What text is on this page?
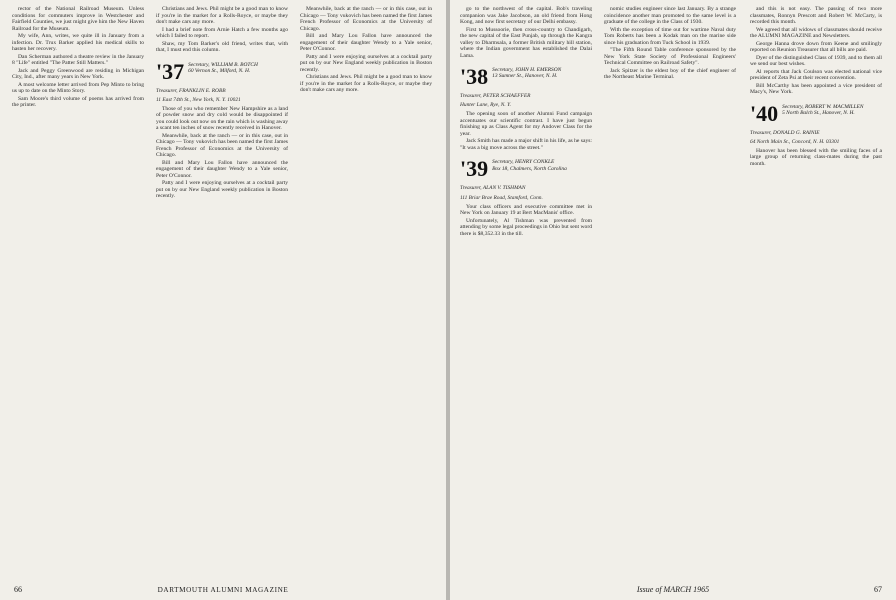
rector of the National Railroad Museum. Unless conditions for commuters improve in Westchester and Fairfield Counties, we just might give him the New Haven Railroad for the Museum.

My wife, Ann, writes, we quite ill in January from a infection. Dr. Trux Barker applied his medical skills to hasten her recovery.

Dan Scherman authored a theatre review in the January 8 "Life" entitled "The Patter Still Matters."

Jack and Peggy Greenwood are residing in Michigan City, Ind., after many years in New York.

A most welcome letter arrived from Pep Minto to bring us up to date on the Minto Story.

Sam Moore's third volume of poems has arrived from the printer.

Christians and Jews. Phil might be a good man to know if you're in the market for a Rolls-Royce, or maybe they don't make cars any more.

I had a brief note from Arnie Hatch a few months ago which I failed to report.

Shaw, my Tom Barker's old friend, writes that, with that, I must end this column.

'37 Secretary, WILLIAM B. BOTCH
60 Vernon St., Milford, N. H.
Treasurer, FRANKLIN E. ROBB
11 East 74th St., New York, N. Y. 10021

Those of you who remember New Hampshire as a land of powder snow and dry cold would be disappointed if you could look out now on the rain which is washing away a scant ten inches of snow recently received in Hanover.

Meanwhile, back at the ranch — or in this case, out in Chicago — Tony vukovich has been named the first James French Professor of Economics at the University of Chicago.

Bill and Mary Lou Fallon have announced the engagement of their daughter Wendy to a Yale senior, Peter O'Connor.

Patty and I were enjoying ourselves at a cocktail party put on by our New England weekly publication in Boston recently.

Meanwhile, back at the ranch — or in this case, out in Chicago — Tony vukovich has been named the first James French Professor of Economics at the University of Chicago.

Bill and Mary Lou Fallon have announced the engagement of their daughter Wendy to a Yale senior, Peter O'Connor.

Patty and I were enjoying ourselves at a cocktail party put on by our New England weekly publication in Boston recently.

Christians and Jews. Phil might be a good man to know if you're in the market for a Rolls-Royce, or maybe they don't make cars any more.

66	DARTMOUTH ALUMNI MAGAZINE

go to the northwest of the capital. Bob's traveling companion was Jake Jacobson, an old friend from Hong Kong, and now first secretary of our Delhi embassy.

First to Mussoorie, then cross-country to Chandigarh, the new capital of the East Punjab, up through the Kangra valley to Dharmsala, a former British military hill station, where the Indian government has established the Dalai Lama.

'38 Secretary, JOHN H. EMERSON
13 Sumner St., Hanover, N. H.
Treasurer, PETER SCHAEFFER
Hunter Lane, Rye, N. Y.

The opening soon of another Alumni Fund campaign accentuates our scientific contrast. I have just begun finishing up as Class Agent for my Andover Class for the year.

Jack Smith has made a major shift in his life, as he says: "It was a big move across the street."

'39 Secretary, HENRY CONKLE
Box 18, Chalmers, North Carolina
Treasurer, ALAN V. TISHMAN
111 Briar Brae Road, Stamford, Conn.

Your class officers and executive committee met in New York on January 19 at Bert MacManis' office.

Unfortunately, Al Tishman was prevented from attending by some legal proceedings in Ohio but sent word there is $8,352.33 in the till.

nomic studies engineer since last January. By a strange coincidence another man promoted to the same level is a graduate of the college in the Class of 1930.

With the exception of time out for wartime Naval duty Tom Roberts has been a Kodak man on the marine side since his graduation from Tuck School in 1939.

"The Fifth Round Table conference sponsored by the New York State Society of Professional Engineers' Technical Committee on Railroad Safety".

Jack Spitzer is the eldest boy of the chief engineer of the Northeast Marine Terminal.

and this is not easy. The passing of two more classmates, Ronnyn Prescott and Robert W. McCarty, is recorded this month.

We agreed that all widows of classmates should receive the ALUMNI MAGAZINE and Newsletters.

George Hanna drove down from Keene and smilingly reported on Reunion Treasurer that all bills are paid.

Dyer of the distinguished Class of 1939, and to them all we send our best wishes.

Al reports that Jack Coulson was elected national vice president of Zeta Psi at their recent convention.

Bill McCarthy has been appointed a vice president of Macy's, New York.

'40 Secretary, ROBERT W. MACMILLEN
5 North Balch St., Hanover, N. H.
Treasurer, DONALD G. RAINIE
64 North Main St., Concord, N. H. 03301

Hanover has been blessed with the smiling faces of a large group of returning class-mates during the past month.

67
Issue of MARCH 1965
